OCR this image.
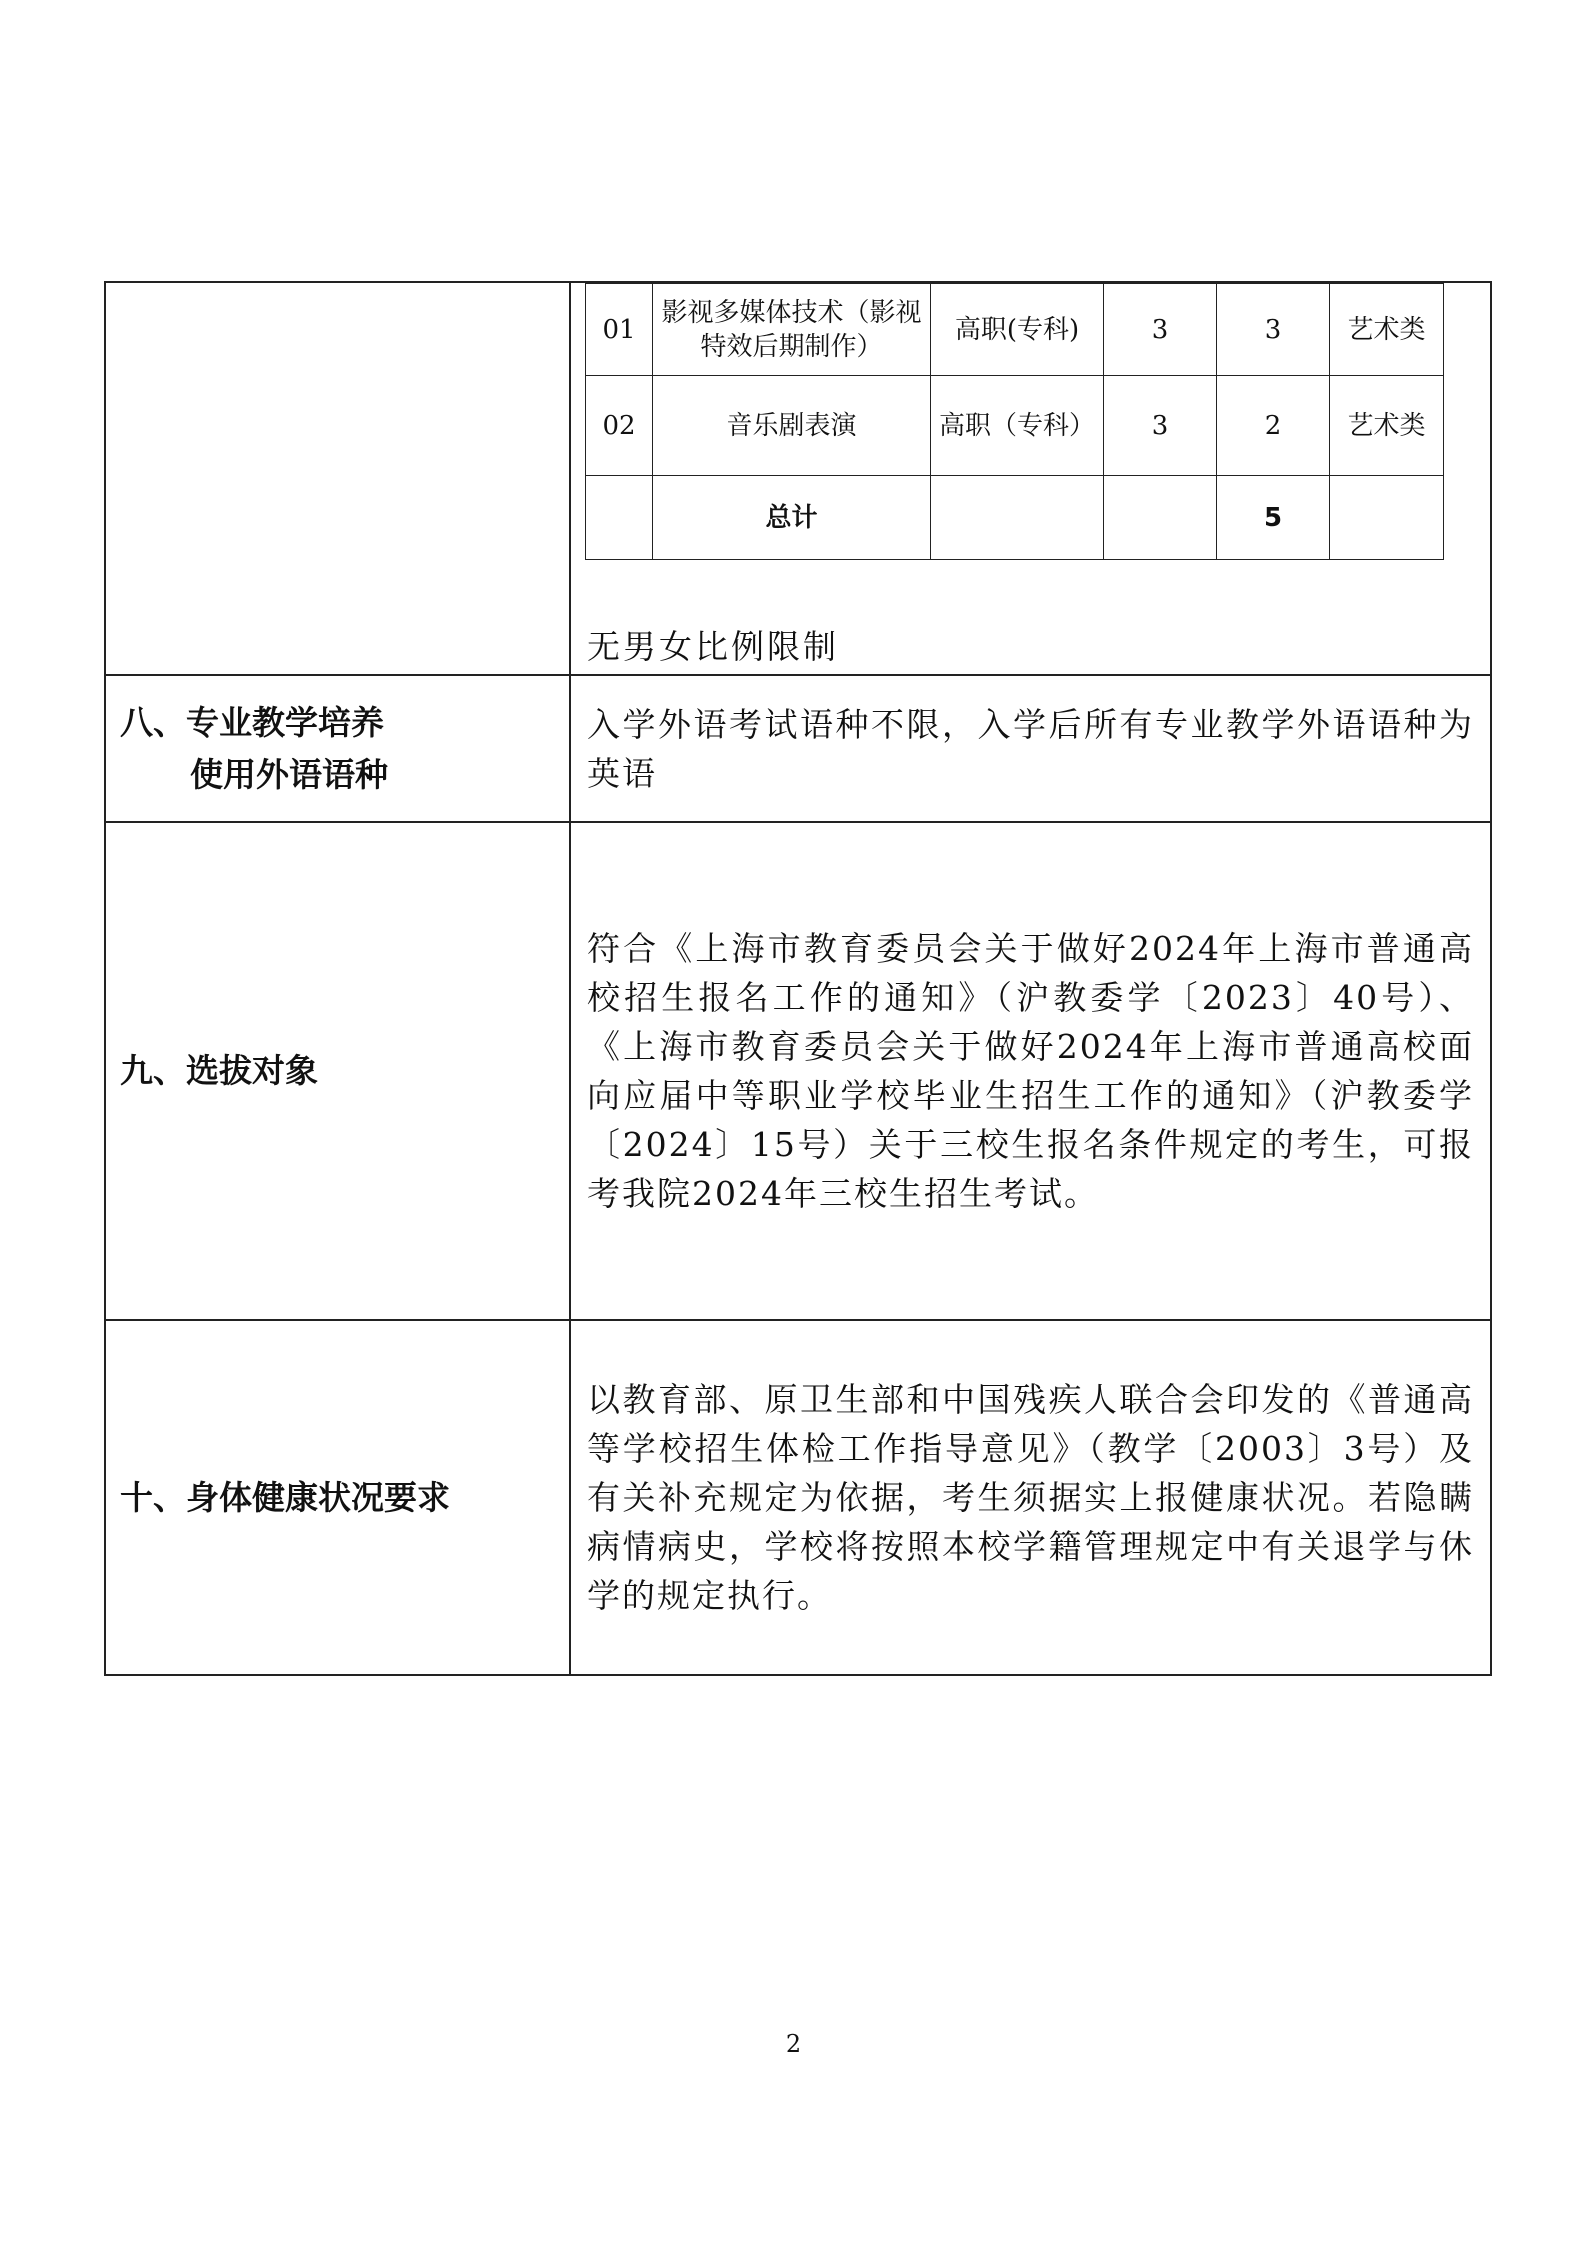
01	影视多媒体技术（影视特效后期制作）	高职(专科)	3	3	艺术类
02	音乐剧表演	高职（专科）	3	2	艺术类
	总计			5	
无男女比例限制

八、专业教学培养
使用外语语种
	入学外语考试语种不限，入学后所有专业教学外语语种为英语
九、选拔对象	符合《上海市教育委员会关于做好2024年上海市普通高校招生报名工作的通知》（沪教委学〔2023〕40号）、《上海市教育委员会关于做好2024年上海市普通高校面向应届中等职业学校毕业生招生工作的通知》（沪教委学〔2024〕15号）关于三校生报名条件规定的考生，可报考我院2024年三校生招生考试。
十、身体健康状况要求	以教育部、原卫生部和中国残疾人联合会印发的《普通高等学校招生体检工作指导意见》（教学〔2003〕3号）及有关补充规定为依据，考生须据实上报健康状况。若隐瞒病情病史，学校将按照本校学籍管理规定中有关退学与休学的规定执行。
2
